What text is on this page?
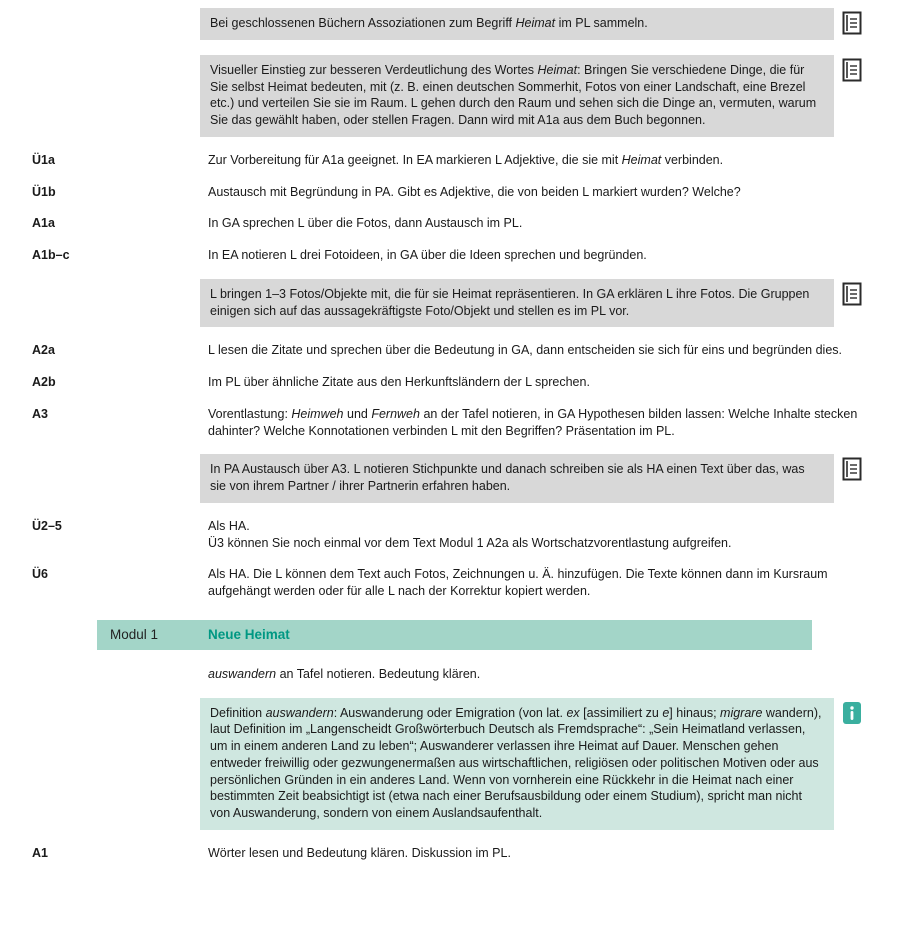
Bei geschlossenen Büchern Assoziationen zum Begriff Heimat im PL sammeln.
Visueller Einstieg zur besseren Verdeutlichung des Wortes Heimat: Bringen Sie verschiedene Dinge, die für Sie selbst Heimat bedeuten, mit (z. B. einen deutschen Sommerhit, Fotos von einer Landschaft, eine Brezel etc.) und verteilen Sie sie im Raum. L gehen durch den Raum und sehen sich die Dinge an, vermuten, warum Sie das gewählt haben, oder stellen Fragen. Dann wird mit A1a aus dem Buch begonnen.
Ü1a	Zur Vorbereitung für A1a geeignet. In EA markieren L Adjektive, die sie mit Heimat verbinden.
Ü1b	Austausch mit Begründung in PA. Gibt es Adjektive, die von beiden L markiert wurden? Welche?
A1a	In GA sprechen L über die Fotos, dann Austausch im PL.
A1b–c	In EA notieren L drei Fotoideen, in GA über die Ideen sprechen und begründen.
L bringen 1–3 Fotos/Objekte mit, die für sie Heimat repräsentieren. In GA erklären L ihre Fotos. Die Gruppen einigen sich auf das aussagekräftigste Foto/Objekt und stellen es im PL vor.
A2a	L lesen die Zitate und sprechen über die Bedeutung in GA, dann entscheiden sie sich für eins und begründen dies.
A2b	Im PL über ähnliche Zitate aus den Herkunftsländern der L sprechen.
A3	Vorentlastung: Heimweh und Fernweh an der Tafel notieren, in GA Hypothesen bilden lassen: Welche Inhalte stecken dahinter? Welche Konnotationen verbinden L mit den Begriffen? Präsentation im PL.
In PA Austausch über A3. L notieren Stichpunkte und danach schreiben sie als HA einen Text über das, was sie von ihrem Partner / ihrer Partnerin erfahren haben.
Ü2–5	Als HA.
Ü3 können Sie noch einmal vor dem Text Modul 1 A2a als Wortschatzvorentlastung aufgreifen.
Ü6	Als HA. Die L können dem Text auch Fotos, Zeichnungen u. Ä. hinzufügen. Die Texte können dann im Kursraum aufgehängt werden oder für alle L nach der Korrektur kopiert werden.
Modul 1	Neue Heimat
auswandern an Tafel notieren. Bedeutung klären.
Definition auswandern: Auswanderung oder Emigration (von lat. ex [assimiliert zu e] hinaus; migrare wandern), laut Definition im „Langenscheidt Großwörterbuch Deutsch als Fremdsprache“: „Sein Heimatland verlassen, um in einem anderen Land zu leben“; Auswanderer verlassen ihre Heimat auf Dauer. Menschen gehen entweder freiwillig oder gezwungenermaßen aus wirtschaftlichen, religiösen oder politischen Motiven oder aus persönlichen Gründen in ein anderes Land. Wenn von vornherein eine Rückkehr in die Heimat nach einer bestimmten Zeit beabsichtigt ist (etwa nach einer Berufsausbildung oder einem Studium), spricht man nicht von Auswanderung, sondern von einem Auslandsaufenthalt.
A1	Wörter lesen und Bedeutung klären. Diskussion im PL.
